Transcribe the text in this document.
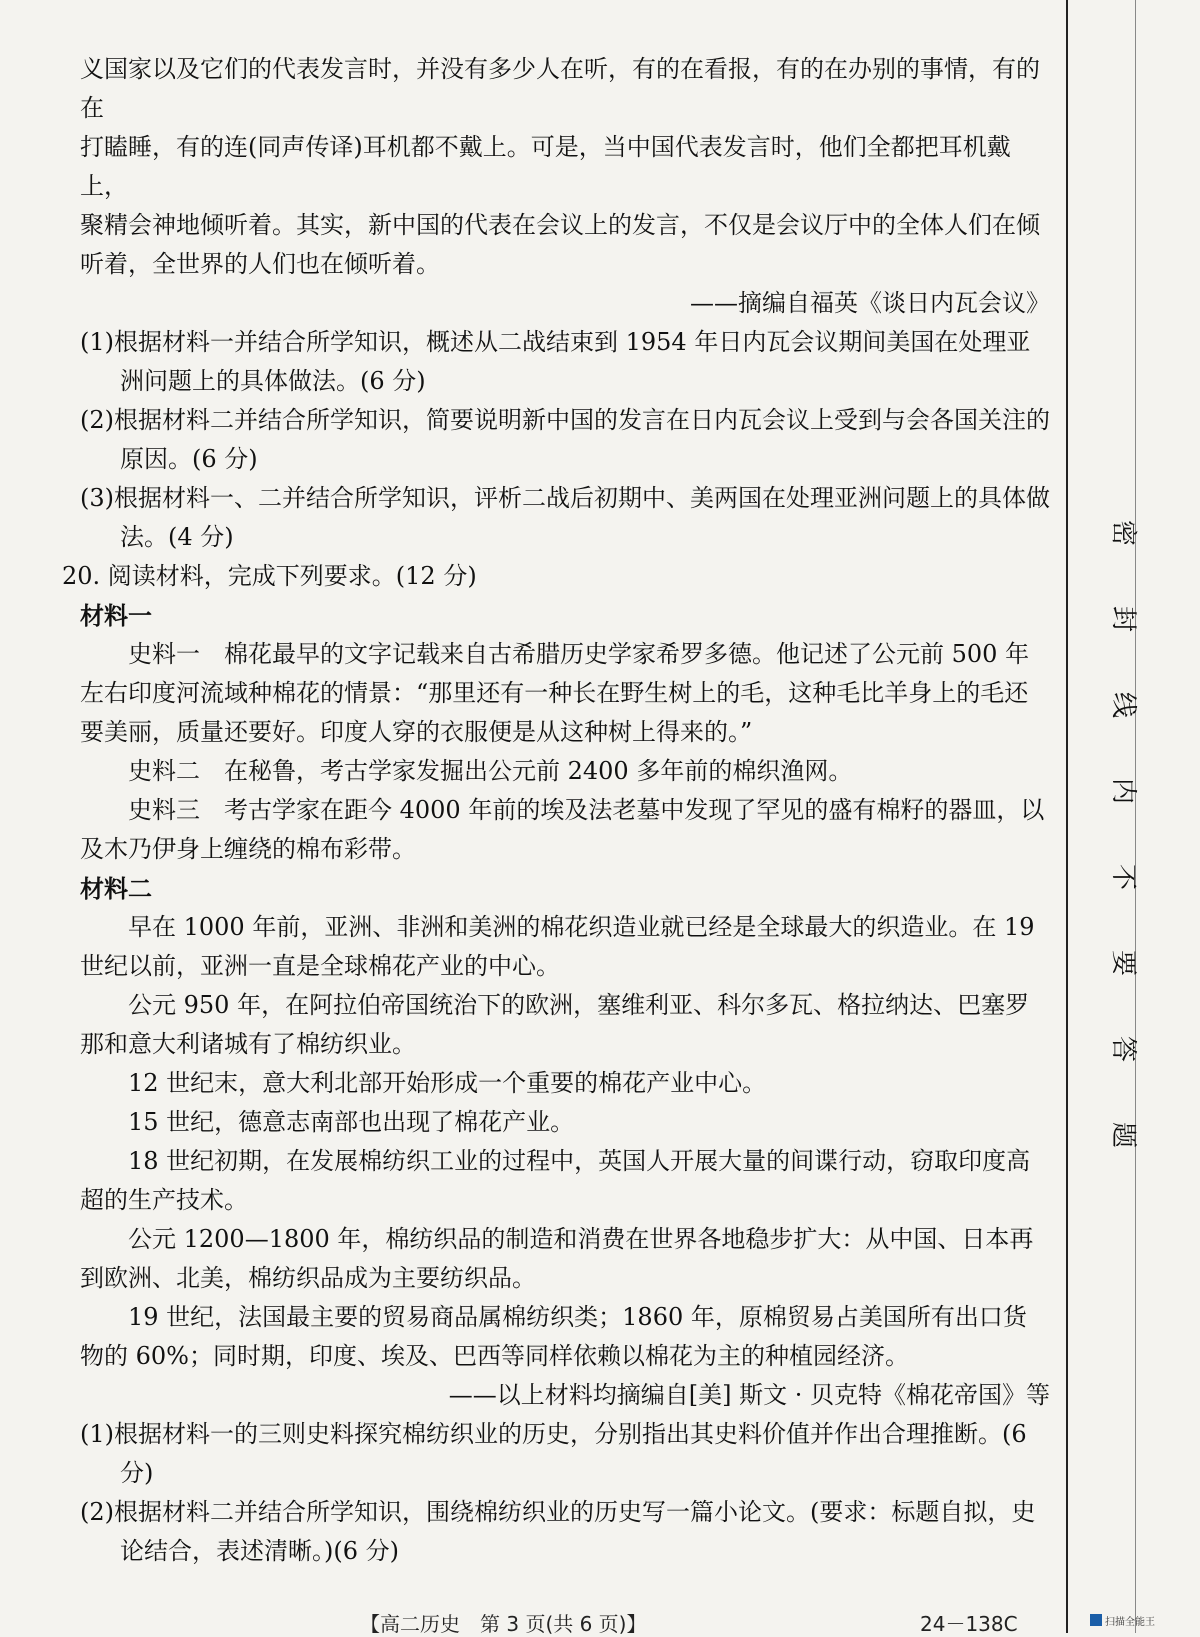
义国家以及它们的代表发言时，并没有多少人在听，有的在看报，有的在办别的事情，有的在

打瞌睡，有的连(同声传译)耳机都不戴上。可是，当中国代表发言时，他们全都把耳机戴上，

聚精会神地倾听着。其实，新中国的代表在会议上的发言，不仅是会议厅中的全体人们在倾

听着，全世界的人们也在倾听着。

——摘编自福英《谈日内瓦会议》

(1)根据材料一并结合所学知识，概述从二战结束到 1954 年日内瓦会议期间美国在处理亚洲问题上的具体做法。(6 分)

(2)根据材料二并结合所学知识，简要说明新中国的发言在日内瓦会议上受到与会各国关注的原因。(6 分)

(3)根据材料一、二并结合所学知识，评析二战后初期中、美两国在处理亚洲问题上的具体做法。(4 分)

20. 阅读材料，完成下列要求。(12 分)

材料一

史料一　棉花最早的文字记载来自古希腊历史学家希罗多德。他记述了公元前 500 年左右印度河流域种棉花的情景：“那里还有一种长在野生树上的毛，这种毛比羊身上的毛还要美丽，质量还要好。印度人穿的衣服便是从这种树上得来的。”

史料二　在秘鲁，考古学家发掘出公元前 2400 多年前的棉织渔网。

史料三　考古学家在距今 4000 年前的埃及法老墓中发现了罕见的盛有棉籽的器皿，以及木乃伊身上缠绕的棉布彩带。

材料二

早在 1000 年前，亚洲、非洲和美洲的棉花织造业就已经是全球最大的织造业。在 19 世纪以前，亚洲一直是全球棉花产业的中心。

公元 950 年，在阿拉伯帝国统治下的欧洲，塞维利亚、科尔多瓦、格拉纳达、巴塞罗那和意大利诸城有了棉纺织业。

12 世纪末，意大利北部开始形成一个重要的棉花产业中心。

15 世纪，德意志南部也出现了棉花产业。

18 世纪初期，在发展棉纺织工业的过程中，英国人开展大量的间谍行动，窃取印度高超的生产技术。

公元 1200—1800 年，棉纺织品的制造和消费在世界各地稳步扩大：从中国、日本再到欧洲、北美，棉纺织品成为主要纺织品。

19 世纪，法国最主要的贸易商品属棉纺织类；1860 年，原棉贸易占美国所有出口货物的 60%；同时期，印度、埃及、巴西等同样依赖以棉花为主的种植园经济。

——以上材料均摘编自[美] 斯文 · 贝克特《棉花帝国》等

(1)根据材料一的三则史料探究棉纺织业的历史，分别指出其史料价值并作出合理推断。(6 分)

(2)根据材料二并结合所学知识，围绕棉纺织业的历史写一篇小论文。(要求：标题自拟，史论结合，表述清晰。)(6 分)

密
封
线
内
不
要
答
题
【高二历史　第 3 页(共 6 页)】	24－138C	扫描全能王
